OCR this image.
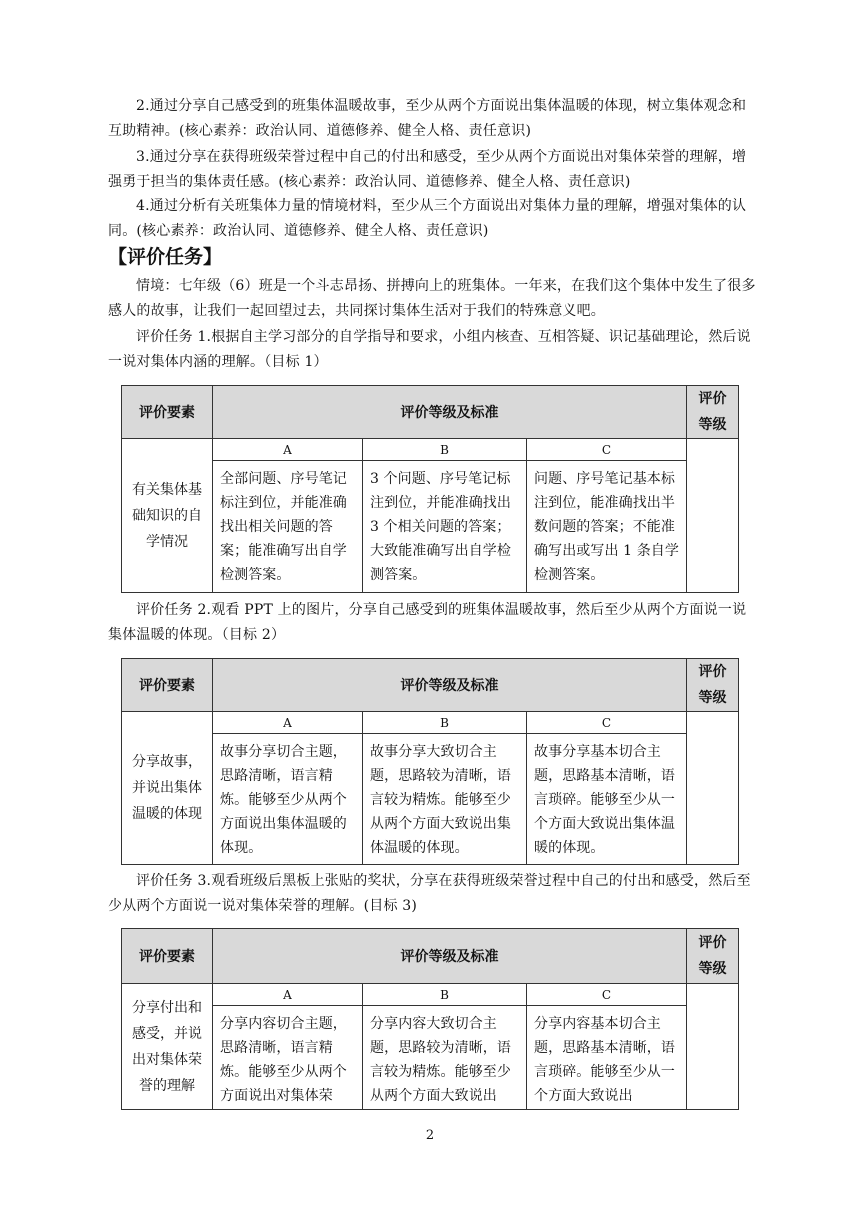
2.通过分享自己感受到的班集体温暖故事，至少从两个方面说出集体温暖的体现，树立集体观念和互助精神。(核心素养：政治认同、道德修养、健全人格、责任意识)

3.通过分享在获得班级荣誉过程中自己的付出和感受，至少从两个方面说出对集体荣誉的理解，增强勇于担当的集体责任感。(核心素养：政治认同、道德修养、健全人格、责任意识)

4.通过分析有关班集体力量的情境材料，至少从三个方面说出对集体力量的理解，增强对集体的认同。(核心素养：政治认同、道德修养、健全人格、责任意识)

【评价任务】

情境：七年级（6）班是一个斗志昂扬、拼搏向上的班集体。一年来，在我们这个集体中发生了很多感人的故事，让我们一起回望过去，共同探讨集体生活对于我们的特殊意义吧。

评价任务 1.根据自主学习部分的自学指导和要求，小组内核查、互相答疑、识记基础理论，然后说一说对集体内涵的理解。（目标 1）

评价要素	评价等级及标准			评价
等级

有关集体基础知识的自学情况	A	B	C	
	全部问题、序号笔记标注到位，并能准确找出相关问题的答案；能准确写出自学检测答案。	3 个问题、序号笔记标注到位，并能准确找出 3 个相关问题的答案；大致能准确写出自学检测答案。	问题、序号笔记基本标注到位，能准确找出半数问题的答案；不能准确写出或写出 1 条自学检测答案。	

评价任务 2.观看 PPT 上的图片，分享自己感受到的班集体温暖故事，然后至少从两个方面说一说集体温暖的体现。（目标 2）

评价要素	评价等级及标准			评价
等级

分享故事，并说出集体温暖的体现	A	B	C	
	故事分享切合主题，思路清晰，语言精炼。能够至少从两个方面说出集体温暖的体现。	故事分享大致切合主题，思路较为清晰，语言较为精炼。能够至少从两个方面大致说出集体温暖的体现。	故事分享基本切合主题，思路基本清晰，语言琐碎。能够至少从一个方面大致说出集体温暖的体现。	

评价任务 3.观看班级后黑板上张贴的奖状，分享在获得班级荣誉过程中自己的付出和感受，然后至少从两个方面说一说对集体荣誉的理解。(目标 3)

评价要素	评价等级及标准			评价
等级

分享付出和感受，并说出对集体荣誉的理解	A	B	C	
	分享内容切合主题，思路清晰，语言精炼。能够至少从两个方面说出对集体荣	分享内容大致切合主题，思路较为清晰，语言较为精炼。能够至少从两个方面大致说出	分享内容基本切合主题，思路基本清晰，语言琐碎。能够至少从一个方面大致说出	
2
